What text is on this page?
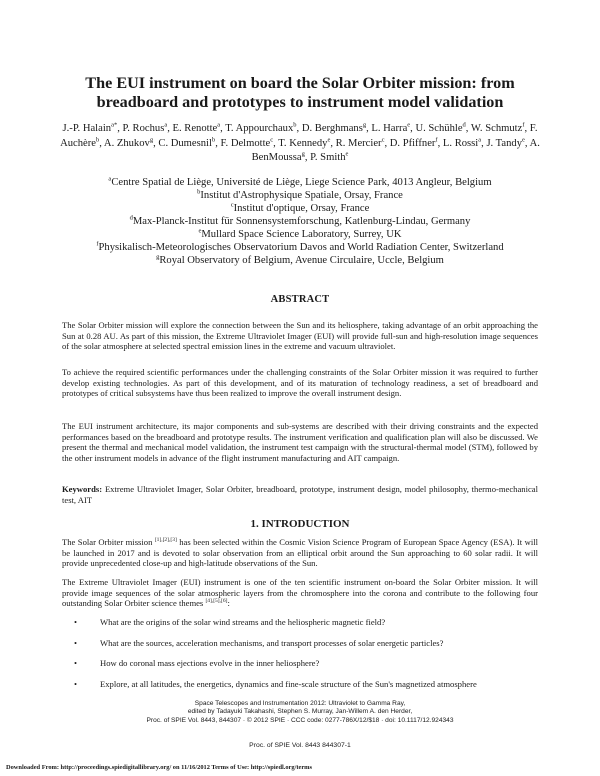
The EUI instrument on board the Solar Orbiter mission: from
breadboard and prototypes to instrument model validation
J.-P. Halain$^{a*}$, P. Rochus$^a$, E. Renotte$^a$, T. Appourchaux$^b$, D. Berghmans$^g$, L. Harra$^e$, U. Schühle$^d$, W. Schmutz$^f$, F. Auchère$^b$, A. Zhukov$^g$, C. Dumesnil$^b$, F. Delmotte$^c$, T. Kennedy$^e$, R. Mercier$^c$, D. Pfiffner$^f$, L. Rossi$^a$, J. Tandy$^e$, A. BenMoussa$^g$, P. Smith$^e$
$^a$Centre Spatial de Liège, Université de Liège, Liege Science Park, 4013 Angleur, Belgium
$^b$Institut d'Astrophysique Spatiale, Orsay, France
$^c$Institut d'optique, Orsay, France
$^d$Max-Planck-Institut für Sonnensystemforschung, Katlenburg-Lindau, Germany
$^e$Mullard Space Science Laboratory, Surrey, UK
$^f$Physikalisch-Meteorologisches Observatorium Davos and World Radiation Center, Switzerland
$^g$Royal Observatory of Belgium, Avenue Circulaire, Uccle, Belgium
ABSTRACT

The Solar Orbiter mission will explore the connection between the Sun and its heliosphere, taking advantage of an orbit approaching the Sun at 0.28 AU. As part of this mission, the Extreme Ultraviolet Imager (EUI) will provide full-sun and high-resolution image sequences of the solar atmosphere at selected spectral emission lines in the extreme and vacuum ultraviolet.

To achieve the required scientific performances under the challenging constraints of the Solar Orbiter mission it was required to further develop existing technologies. As part of this development, and of its maturation of technology readiness, a set of breadboard and prototypes of critical subsystems have thus been realized to improve the overall instrument design.

The EUI instrument architecture, its major components and sub-systems are described with their driving constraints and the expected performances based on the breadboard and prototype results. The instrument verification and qualification plan will also be discussed. We present the thermal and mechanical model validation, the instrument test campaign with the structural-thermal model (STM), followed by the other instrument models in advance of the flight instrument manufacturing and AIT campaign.

Keywords: Extreme Ultraviolet Imager, Solar Orbiter, breadboard, prototype, instrument design, model philosophy, thermo-mechanical test, AIT

1. INTRODUCTION

The Solar Orbiter mission [1],[2],[3] has been selected within the Cosmic Vision Science Program of European Space Agency (ESA). It will be launched in 2017 and is devoted to solar observation from an elliptical orbit around the Sun approaching to 60 solar radii. It will provide unprecedented close-up and high-latitude observations of the Sun.

The Extreme Ultraviolet Imager (EUI) instrument is one of the ten scientific instrument on-board the Solar Orbiter mission. It will provide image sequences of the solar atmospheric layers from the chromosphere into the corona and contribute to the following four outstanding Solar Orbiter science themes [4],[5],[6]:

•	What are the origins of the solar wind streams and the heliospheric magnetic field?
•	What are the sources, acceleration mechanisms, and transport processes of solar energetic particles?
•	How do coronal mass ejections evolve in the inner heliosphere?
•	Explore, at all latitudes, the energetics, dynamics and fine-scale structure of the Sun's magnetized atmosphere
Space Telescopes and Instrumentation 2012: Ultraviolet to Gamma Ray,
edited by Tadayuki Takahashi, Stephen S. Murray, Jan-Willem A. den Herder,
Proc. of SPIE Vol. 8443, 844307 · © 2012 SPIE · CCC code: 0277-786X/12/$18 · doi: 10.1117/12.924343
Proc. of SPIE Vol. 8443 844307-1
Downloaded From: http://proceedings.spiedigitallibrary.org/ on 11/16/2012 Terms of Use: http://spiedl.org/terms
